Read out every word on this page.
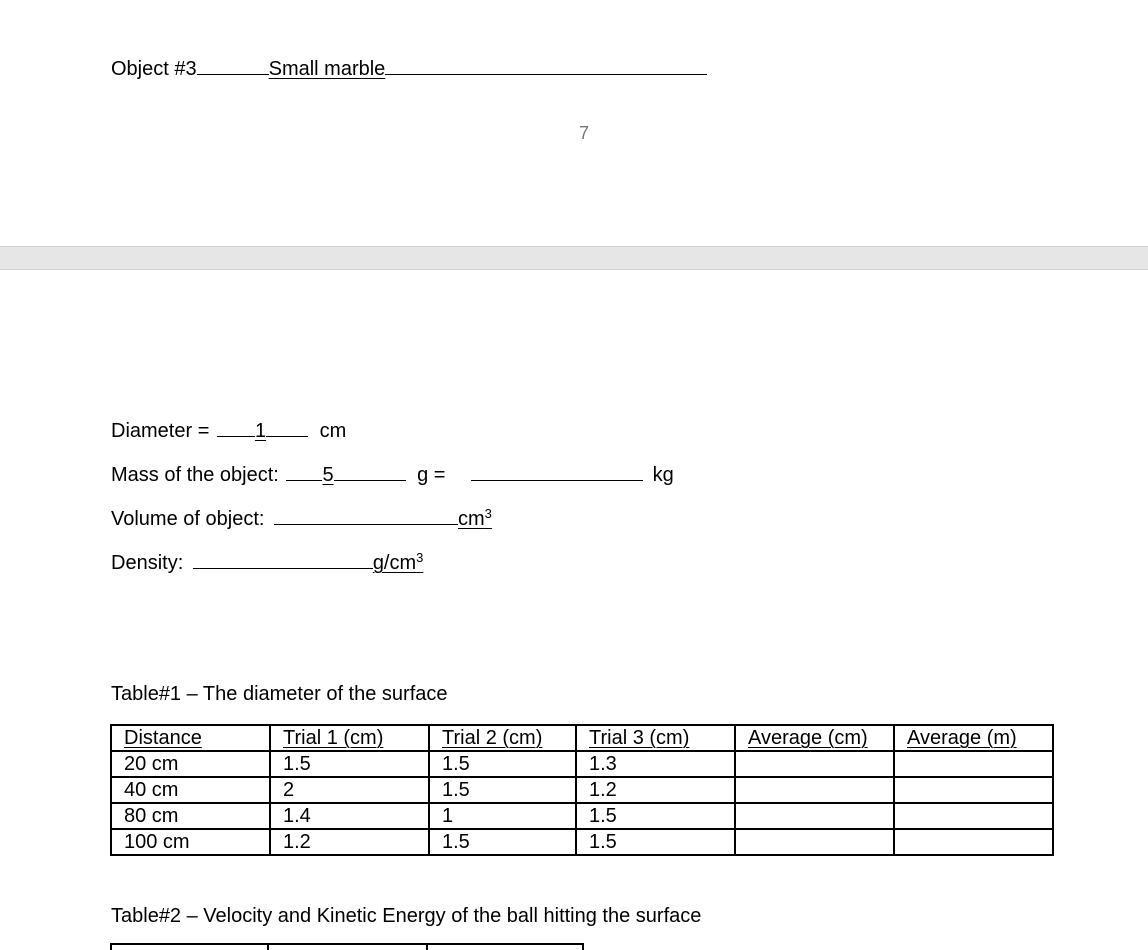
Object #3	Small marble
7
Diameter = 1	cm
Mass of the object: 5	g =	kg
Volume of object:	$cm^3$
Density:	$g/cm^3$
Table#1 – The diameter of the surface
Distance	Trial 1 (cm)	Trial 2 (cm)	Trial 3 (cm)	Average (cm)	Average (m)
20 cm	1.5	1.5	1.3		
40 cm	2	1.5	1.2		
80 cm	1.4	1	1.5		
100 cm	1.2	1.5	1.5		
Table#2 – Velocity and Kinetic Energy of the ball hitting the surface
